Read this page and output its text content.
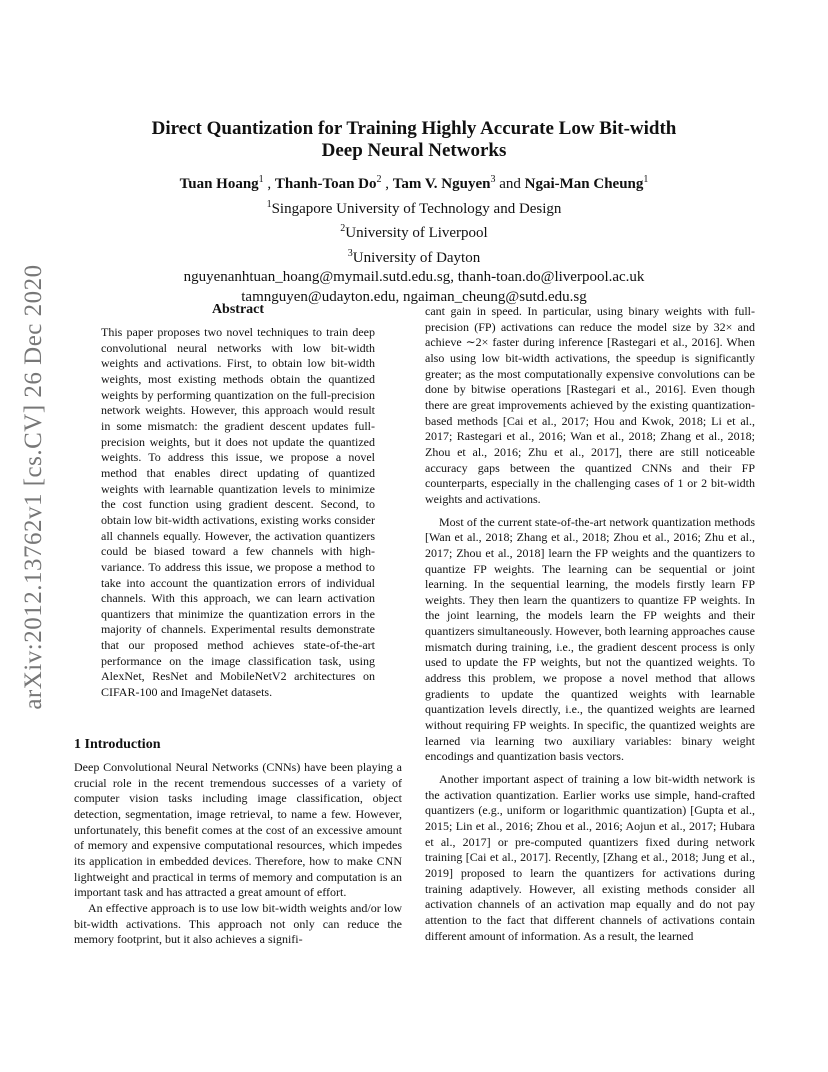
arXiv:2012.13762v1 [cs.CV] 26 Dec 2020
Direct Quantization for Training Highly Accurate Low Bit-width
Deep Neural Networks
Tuan Hoang$^1$ , Thanh-Toan Do$^2$ , Tam V. Nguyen$^3$ and Ngai-Man Cheung$^1$
$^1$Singapore University of Technology and Design
$^2$University of Liverpool
$^3$University of Dayton
nguyenanhtuan_hoang@mymail.sutd.edu.sg, thanh-toan.do@liverpool.ac.uk
tamnguyen@udayton.edu, ngaiman_cheung@sutd.edu.sg
Abstract

This paper proposes two novel techniques to train deep convolutional neural networks with low bit-width weights and activations. First, to obtain low bit-width weights, most existing methods obtain the quantized weights by performing quantization on the full-precision network weights. However, this approach would result in some mismatch: the gradient descent updates full-precision weights, but it does not update the quantized weights. To address this issue, we propose a novel method that enables direct updating of quantized weights with learnable quantization levels to minimize the cost function using gradient descent. Second, to obtain low bit-width activations, existing works consider all channels equally. However, the activation quantizers could be biased toward a few channels with high-variance. To address this issue, we propose a method to take into account the quantization errors of individual channels. With this approach, we can learn activation quantizers that minimize the quantization errors in the majority of channels. Experimental results demonstrate that our proposed method achieves state-of-the-art performance on the image classification task, using AlexNet, ResNet and MobileNetV2 architectures on CIFAR-100 and ImageNet datasets.

1 Introduction

Deep Convolutional Neural Networks (CNNs) have been playing a crucial role in the recent tremendous successes of a variety of computer vision tasks including image classification, object detection, segmentation, image retrieval, to name a few. However, unfortunately, this benefit comes at the cost of an excessive amount of memory and expensive computational resources, which impedes its application in embedded devices. Therefore, how to make CNN lightweight and practical in terms of memory and computation is an important task and has attracted a great amount of effort.

An effective approach is to use low bit-width weights and/or low bit-width activations. This approach not only can reduce the memory footprint, but it also achieves a signifi-

cant gain in speed. In particular, using binary weights with full-precision (FP) activations can reduce the model size by 32× and achieve ∼2× faster during inference [Rastegari et al., 2016]. When also using low bit-width activations, the speedup is significantly greater; as the most computationally expensive convolutions can be done by bitwise operations [Rastegari et al., 2016]. Even though there are great improvements achieved by the existing quantization-based methods [Cai et al., 2017; Hou and Kwok, 2018; Li et al., 2017; Rastegari et al., 2016; Wan et al., 2018; Zhang et al., 2018; Zhou et al., 2016; Zhu et al., 2017], there are still noticeable accuracy gaps between the quantized CNNs and their FP counterparts, especially in the challenging cases of 1 or 2 bit-width weights and activations.

Most of the current state-of-the-art network quantization methods [Wan et al., 2018; Zhang et al., 2018; Zhou et al., 2016; Zhu et al., 2017; Zhou et al., 2018] learn the FP weights and the quantizers to quantize FP weights. The learning can be sequential or joint learning. In the sequential learning, the models firstly learn FP weights. They then learn the quantizers to quantize FP weights. In the joint learning, the models learn the FP weights and their quantizers simultaneously. However, both learning approaches cause mismatch during training, i.e., the gradient descent process is only used to update the FP weights, but not the quantized weights. To address this problem, we propose a novel method that allows gradients to update the quantized weights with learnable quantization levels directly, i.e., the quantized weights are learned without requiring FP weights. In specific, the quantized weights are learned via learning two auxiliary variables: binary weight encodings and quantization basis vectors.

Another important aspect of training a low bit-width network is the activation quantization. Earlier works use simple, hand-crafted quantizers (e.g., uniform or logarithmic quantization) [Gupta et al., 2015; Lin et al., 2016; Zhou et al., 2016; Aojun et al., 2017; Hubara et al., 2017] or pre-computed quantizers fixed during network training [Cai et al., 2017]. Recently, [Zhang et al., 2018; Jung et al., 2019] proposed to learn the quantizers for activations during training adaptively. However, all existing methods consider all activation channels of an activation map equally and do not pay attention to the fact that different channels of activations contain different amount of information. As a result, the learned
